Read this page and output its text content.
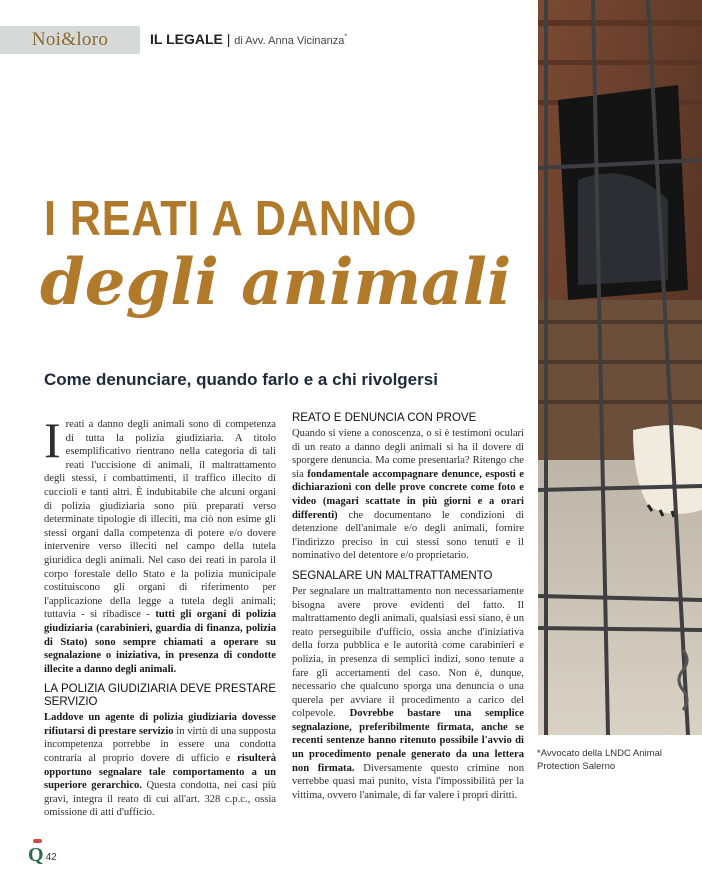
Noi&loro	IL LEGALE | di Avv. Anna Vicinanza*
I REATI A DANNO
degli animali
Come denunciare, quando farlo e a chi rivolgersi

Ireati a danno degli animali sono di competenza di tutta la polizia giudiziaria. A titolo esemplificativo rientrano nella categoria di tali reati l'uccisione di animali, il maltrattamento degli stessi, i combattimenti, il traffico illecito di cuccioli e tanti altri. È indubitabile che alcuni organi di polizia giudiziaria sono più preparati verso determinate tipologie di illeciti, ma ciò non esime gli stessi organi dalla competenza di potere e/o dovere intervenire verso illeciti nel campo della tutela giuridica degli animali. Nel caso dei reati in parola il corpo forestale dello Stato e la polizia municipale costituiscono gli organi di riferimento per l'applicazione della legge a tutela degli animali; tuttavia - si ribadisce - tutti gli organi di polizia giudiziaria (carabinieri, guardia di finanza, polizia di Stato) sono sempre chiamati a operare su segnalazione o iniziativa, in presenza di condotte illecite a danno degli animali.

LA POLIZIA GIUDIZIARIA DEVE PRESTARE SERVIZIO

Laddove un agente di polizia giudiziaria dovesse rifiutarsi di prestare servizio in virtù di una supposta incompetenza porrebbe in essere una condotta contraria al proprio dovere di ufficio e risulterà opportuno segnalare tale comportamento a un superiore gerarchico. Questa condotta, nei casi più gravi, integra il reato di cui all'art. 328 c.p.c., ossia omissione di atti d'ufficio.

REATO E DENUNCIA CON PROVE

Quando si viene a conoscenza, o si è testimoni oculari di un reato a danno degli animali si ha il dovere di sporgere denuncia. Ma come presentarla? Ritengo che sia fondamentale accompagnare denunce, esposti e dichiarazioni con delle prove concrete come foto e video (magari scattate in più giorni e a orari differenti) che documentano le condizioni di detenzione dell'animale e/o degli animali, fornire l'indirizzo preciso in cui stessi sono tenuti e il nominativo del detentore e/o proprietario.

SEGNALARE UN MALTRATTAMENTO

Per segnalare un maltrattamento non necessariamente bisogna avere prove evidenti del fatto. Il maltrattamento degli animali, qualsiasi essi siano, è un reato perseguibile d'ufficio, ossia anche d'iniziativa della forza pubblica e le autorità come carabinieri e polizia, in presenza di semplici indizi, sono tenute a fare gli accertamenti del caso. Non è, dunque, necessario che qualcuno sporga una denuncia o una querela per avviare il procedimento a carico del colpevole. Dovrebbe bastare una semplice segnalazione, preferibilmente firmata, anche se recenti sentenze hanno ritenuto possibile l'avvio di un procedimento penale generato da una lettera non firmata. Diversamente questo crimine non verrebbe quasi mai punito, vista l'impossibilità per la vittima, ovvero l'animale, di far valere i propri diritti.

*Avvocato della LNDC Animal Protection Salerno
Q 42
